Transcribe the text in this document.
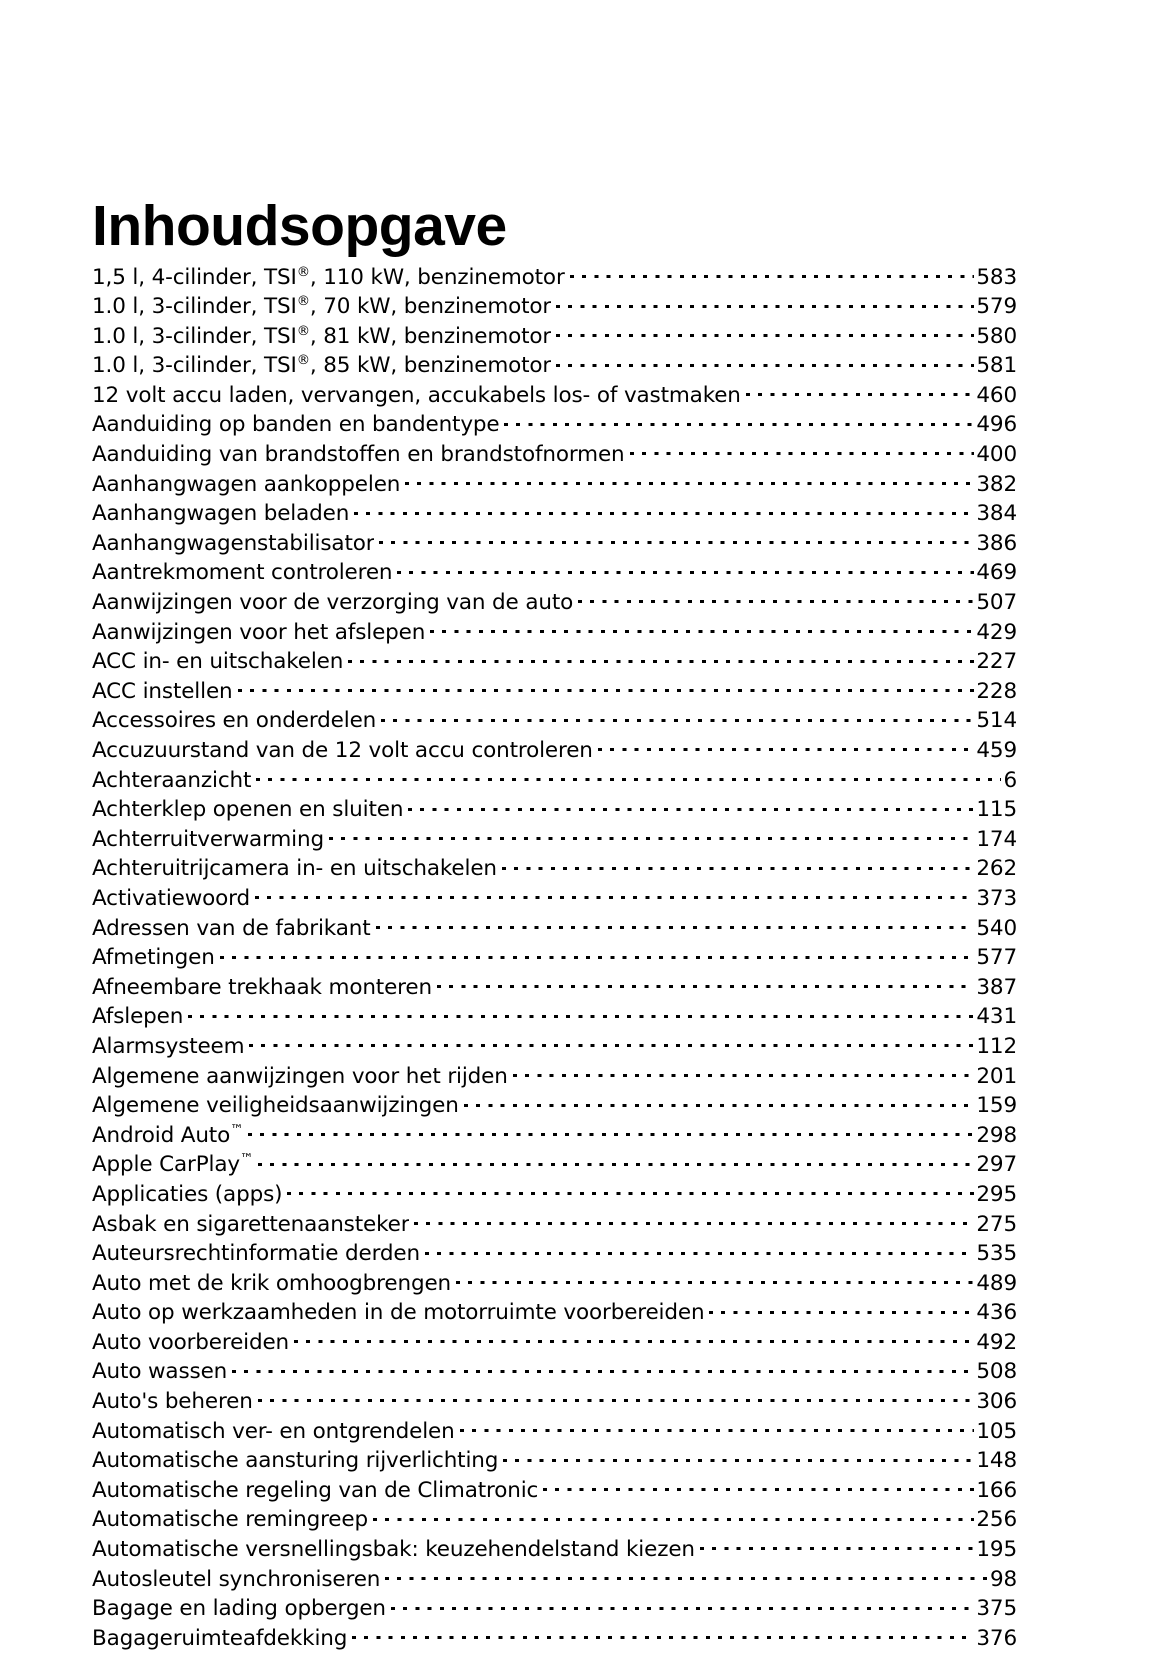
Inhoudsopgave
1,5 l, 4-cilinder, TSI®, 110 kW, benzinemotor	583
1.0 l, 3-cilinder, TSI®, 70 kW, benzinemotor	579
1.0 l, 3-cilinder, TSI®, 81 kW, benzinemotor	580
1.0 l, 3-cilinder, TSI®, 85 kW, benzinemotor	581
12 volt accu laden, vervangen, accukabels los- of vastmaken	460
Aanduiding op banden en bandentype	496
Aanduiding van brandstoffen en brandstofnormen	400
Aanhangwagen aankoppelen	382
Aanhangwagen beladen	384
Aanhangwagenstabilisator	386
Aantrekmoment controleren	469
Aanwijzingen voor de verzorging van de auto	507
Aanwijzingen voor het afslepen	429
ACC in- en uitschakelen	227
ACC instellen	228
Accessoires en onderdelen	514
Accuzuurstand van de 12 volt accu controleren	459
Achteraanzicht	6
Achterklep openen en sluiten	115
Achterruitverwarming	174
Achteruitrijcamera in- en uitschakelen	262
Activatiewoord	373
Adressen van de fabrikant	540
Afmetingen	577
Afneembare trekhaak monteren	387
Afslepen	431
Alarmsysteem	112
Algemene aanwijzingen voor het rijden	201
Algemene veiligheidsaanwijzingen	159
Android Auto™	298
Apple CarPlay™	297
Applicaties (apps)	295
Asbak en sigarettenaansteker	275
Auteursrechtinformatie derden	535
Auto met de krik omhoogbrengen	489
Auto op werkzaamheden in de motorruimte voorbereiden	436
Auto voorbereiden	492
Auto wassen	508
Auto's beheren	306
Automatisch ver- en ontgrendelen	105
Automatische aansturing rijverlichting	148
Automatische regeling van de Climatronic	166
Automatische remingreep	256
Automatische versnellingsbak: keuzehendelstand kiezen	195
Autosleutel synchroniseren	98
Bagage en lading opbergen	375
Bagageruimteafdekking	376
